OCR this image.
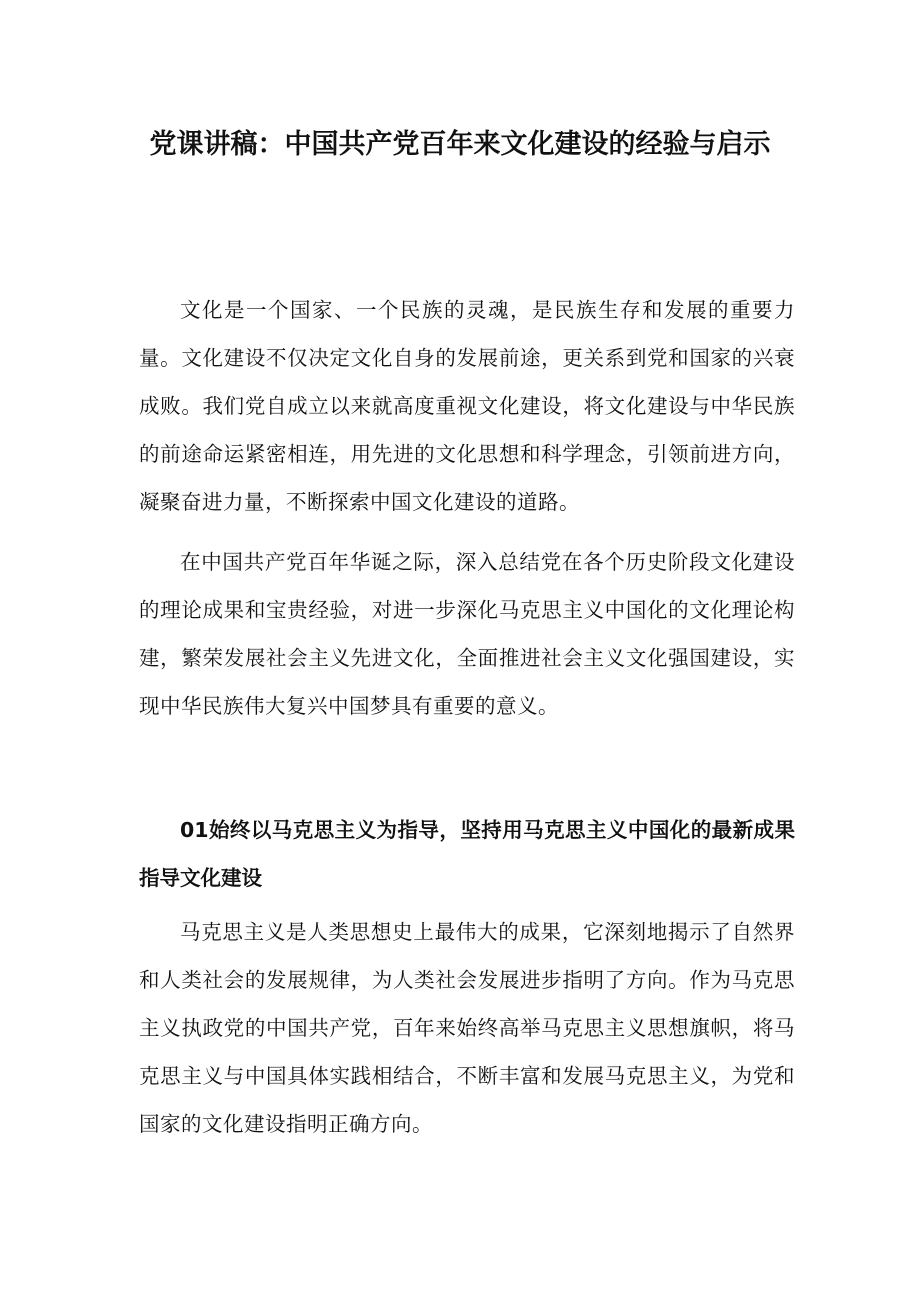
党课讲稿：中国共产党百年来文化建设的经验与启示

文化是一个国家、一个民族的灵魂，是民族生存和发展的重要力量。文化建设不仅决定文化自身的发展前途，更关系到党和国家的兴衰成败。我们党自成立以来就高度重视文化建设，将文化建设与中华民族的前途命运紧密相连，用先进的文化思想和科学理念，引领前进方向，凝聚奋进力量，不断探索中国文化建设的道路。

在中国共产党百年华诞之际，深入总结党在各个历史阶段文化建设的理论成果和宝贵经验，对进一步深化马克思主义中国化的文化理论构建，繁荣发展社会主义先进文化，全面推进社会主义文化强国建设，实现中华民族伟大复兴中国梦具有重要的意义。

01始终以马克思主义为指导，坚持用马克思主义中国化的最新成果指导文化建设

马克思主义是人类思想史上最伟大的成果，它深刻地揭示了自然界和人类社会的发展规律，为人类社会发展进步指明了方向。作为马克思主义执政党的中国共产党，百年来始终高举马克思主义思想旗帜，将马克思主义与中国具体实践相结合，不断丰富和发展马克思主义，为党和国家的文化建设指明正确方向。
